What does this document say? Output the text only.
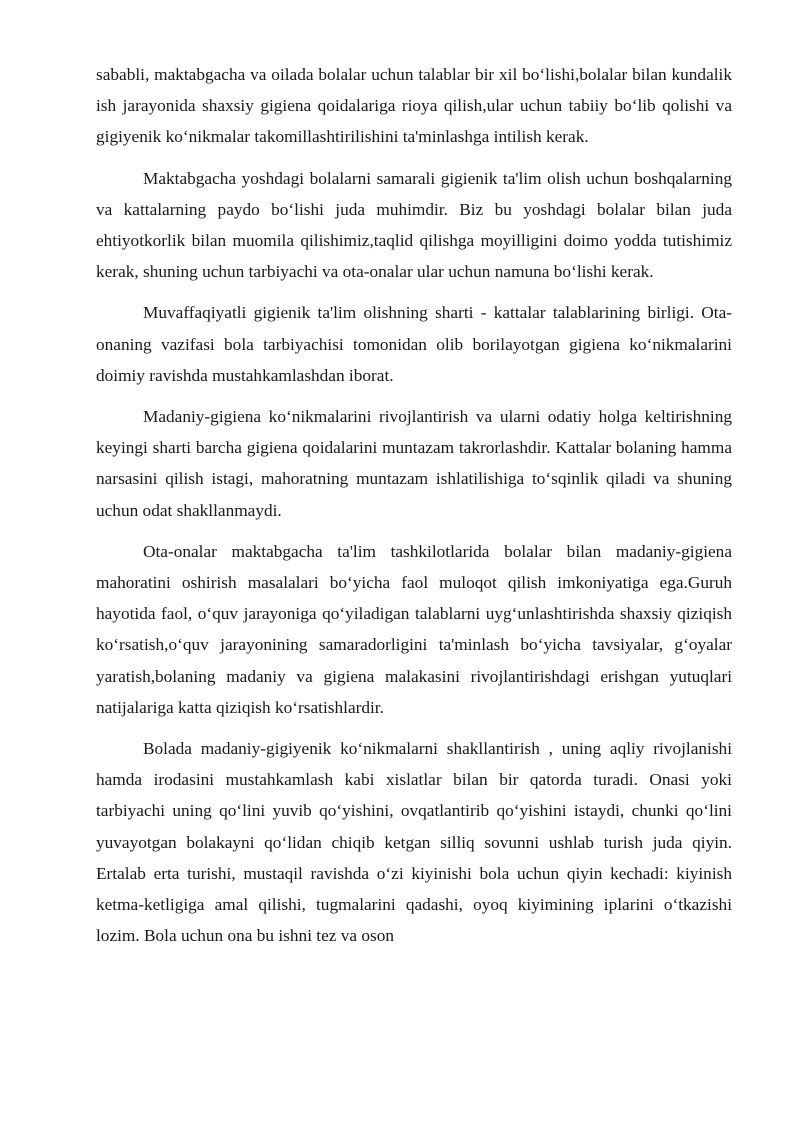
sababli, maktabgacha va oilada bolalar uchun talablar bir xil bo‘lishi,bolalar bilan kundalik ish jarayonida shaxsiy gigiena qoidalariga rioya qilish,ular uchun tabiiy bo‘lib qolishi va gigiyenik ko‘nikmalar takomillashtirilishini ta'minlashga intilish kerak.

Maktabgacha yoshdagi bolalarni samarali gigienik ta'lim olish uchun boshqalarning va kattalarning paydo bo‘lishi juda muhimdir. Biz bu yoshdagi bolalar bilan juda ehtiyotkorlik bilan muomila qilishimiz,taqlid qilishga moyilligini doimo yodda tutishimiz kerak, shuning uchun tarbiyachi va ota-onalar ular uchun namuna bo‘lishi kerak.

Muvaffaqiyatli gigienik ta'lim olishning sharti - kattalar talablarining birligi. Ota-onaning vazifasi bola tarbiyachisi tomonidan olib borilayotgan gigiena ko‘nikmalarini doimiy ravishda mustahkamlashdan iborat.

Madaniy-gigiena ko‘nikmalarini rivojlantirish va ularni odatiy holga keltirishning keyingi sharti barcha gigiena qoidalarini muntazam takrorlashdir. Kattalar bolaning hamma narsasini qilish istagi, mahoratning muntazam ishlatilishiga to‘sqinlik qiladi va shuning uchun odat shakllanmaydi.

Ota-onalar maktabgacha ta'lim tashkilotlarida bolalar bilan madaniy-gigiena mahoratini oshirish masalalari bo‘yicha faol muloqot qilish imkoniyatiga ega.Guruh hayotida faol, o‘quv jarayoniga qo‘yiladigan talablarni uyg‘unlashtirishda shaxsiy qiziqish ko‘rsatish,o‘quv jarayonining samaradorligini ta'minlash bo‘yicha tavsiyalar, g‘oyalar yaratish,bolaning madaniy va gigiena malakasini rivojlantirishdagi erishgan yutuqlari natijalariga katta qiziqish ko‘rsatishlardir.

Bolada madaniy-gigiyenik ko‘nikmalarni shakllantirish , uning aqliy rivojlanishi hamda irodasini mustahkamlash kabi xislatlar bilan bir qatorda turadi. Onasi yoki tarbiyachi uning qo‘lini yuvib qo‘yishini, ovqatlantirib qo‘yishini istaydi, chunki qo‘lini yuvayotgan bolakayni qo‘lidan chiqib ketgan silliq sovunni ushlab turish juda qiyin. Ertalab erta turishi, mustaqil ravishda o‘zi kiyinishi bola uchun qiyin kechadi: kiyinish ketma-ketligiga amal qilishi, tugmalarini qadashi, oyoq kiyimining iplarini o‘tkazishi lozim. Bola uchun ona bu ishni tez va oson
